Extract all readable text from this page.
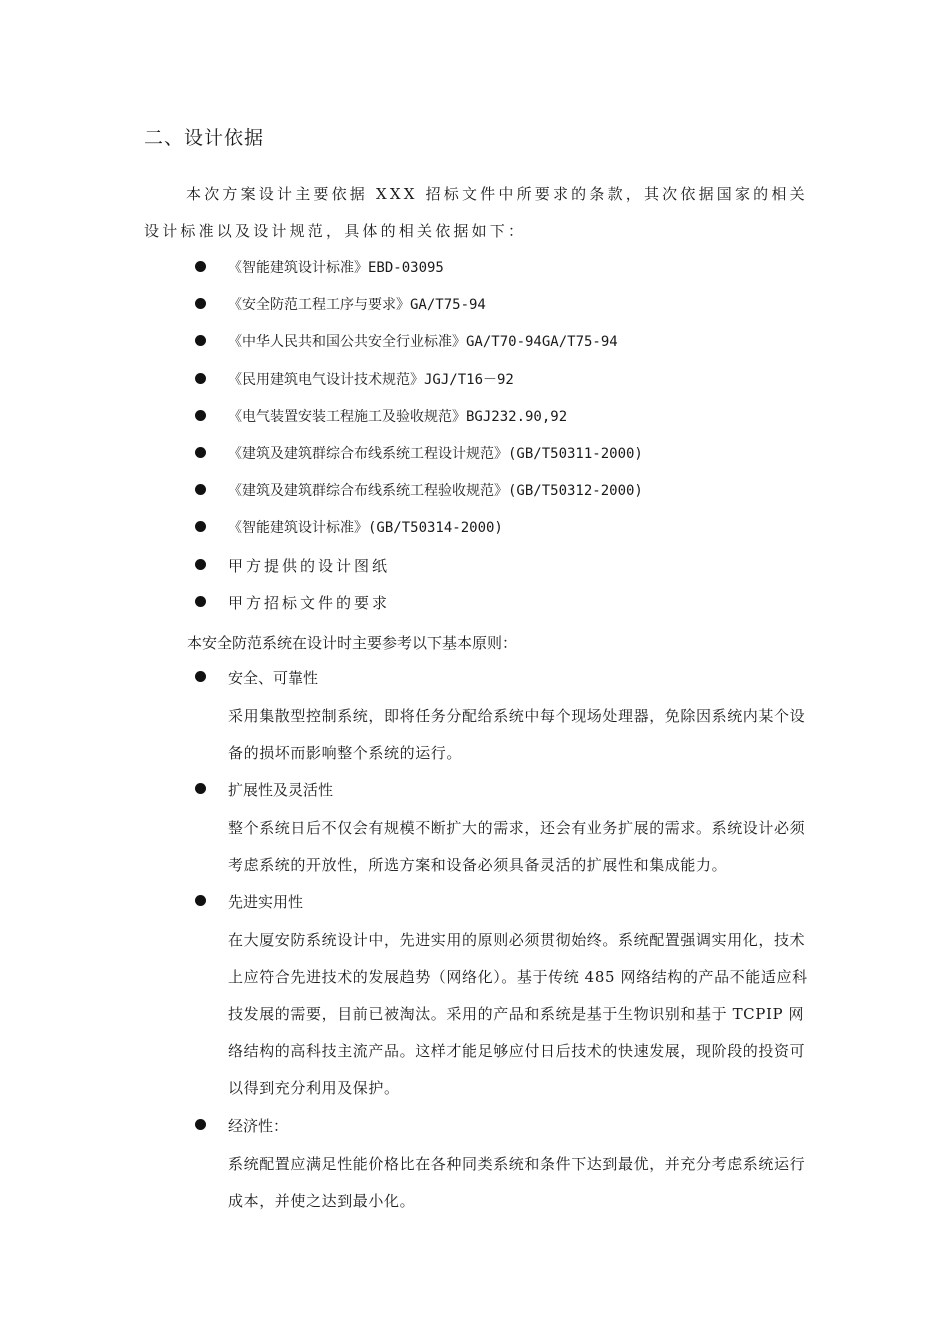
二、设计依据
本次方案设计主要依据 XXX 招标文件中所要求的条款，其次依据国家的相关设计标准以及设计规范，具体的相关依据如下：
《智能建筑设计标准》EBD-03095
《安全防范工程工序与要求》GA/T75-94
《中华人民共和国公共安全行业标准》GA/T70-94GA/T75-94
《民用建筑电气设计技术规范》JGJ/T16－92
《电气装置安装工程施工及验收规范》BGJ232.90,92
《建筑及建筑群综合布线系统工程设计规范》(GB/T50311-2000)
《建筑及建筑群综合布线系统工程验收规范》(GB/T50312-2000)
《智能建筑设计标准》(GB/T50314-2000)
甲方提供的设计图纸
甲方招标文件的要求
本安全防范系统在设计时主要参考以下基本原则：
安全、可靠性
采用集散型控制系统，即将任务分配给系统中每个现场处理器，免除因系统内某个设备的损坏而影响整个系统的运行。
扩展性及灵活性
整个系统日后不仅会有规模不断扩大的需求，还会有业务扩展的需求。系统设计必须考虑系统的开放性，所选方案和设备必须具备灵活的扩展性和集成能力。
先进实用性
在大厦安防系统设计中，先进实用的原则必须贯彻始终。系统配置强调实用化，技术上应符合先进技术的发展趋势（网络化）。基于传统 485 网络结构的产品不能适应科技发展的需要，目前已被淘汰。采用的产品和系统是基于生物识别和基于 TCPIP 网络结构的高科技主流产品。这样才能足够应付日后技术的快速发展，现阶段的投资可以得到充分利用及保护。
经济性：
系统配置应满足性能价格比在各种同类系统和条件下达到最优，并充分考虑系统运行成本，并使之达到最小化。
